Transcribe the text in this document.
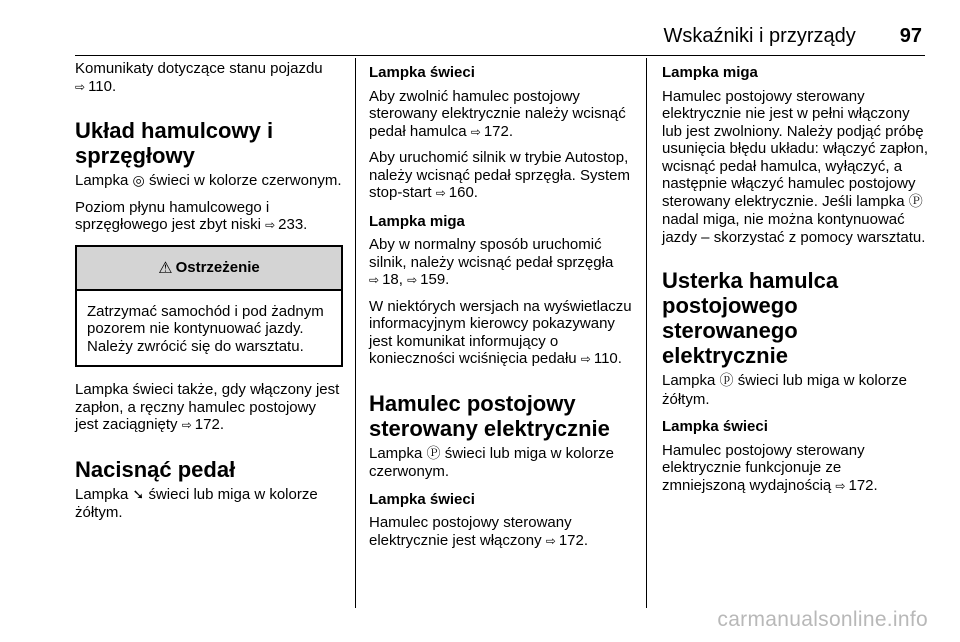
Wskaźniki i przyrządy 97

Komunikaty dotyczące stanu pojazdu ⇨ 110.

Układ hamulcowy i sprzęgłowy

Lampka ◎ świeci w kolorze czerwonym.

Poziom płynu hamulcowego i sprzęgłowego jest zbyt niski ⇨ 233.

⚠ Ostrzeżenie
Zatrzymać samochód i pod żadnym pozorem nie kontynuować jazdy. Należy zwrócić się do warsztatu.

Lampka świeci także, gdy włączony jest zapłon, a ręczny hamulec postojowy jest zaciągnięty ⇨ 172.

Nacisnąć pedał

Lampka ➘ świeci lub miga w kolorze żółtym.

Lampka świeci

Aby zwolnić hamulec postojowy sterowany elektrycznie należy wcisnąć pedał hamulca ⇨ 172.

Aby uruchomić silnik w trybie Autostop, należy wcisnąć pedał sprzęgła. System stop-start ⇨ 160.

Lampka miga

Aby w normalny sposób uruchomić silnik, należy wcisnąć pedał sprzęgła ⇨ 18, ⇨ 159.

W niektórych wersjach na wyświetlaczu informacyjnym kierowcy pokazywany jest komunikat informujący o konieczności wciśnięcia pedału ⇨ 110.

Hamulec postojowy sterowany elektrycznie

Lampka Ⓟ świeci lub miga w kolorze czerwonym.

Lampka świeci

Hamulec postojowy sterowany elektrycznie jest włączony ⇨ 172.

Lampka miga

Hamulec postojowy sterowany elektrycznie nie jest w pełni włączony lub jest zwolniony. Należy podjąć próbę usunięcia błędu układu: włączyć zapłon, wcisnąć pedał hamulca, wyłączyć, a następnie włączyć hamulec postojowy sterowany elektrycznie. Jeśli lampka Ⓟ nadal miga, nie można kontynuować jazdy – skorzystać z pomocy warsztatu.

Usterka hamulca postojowego sterowanego elektrycznie

Lampka ⓟ świeci lub miga w kolorze żółtym.

Lampka świeci

Hamulec postojowy sterowany elektrycznie funkcjonuje ze zmniejszoną wydajnością ⇨ 172.

carmanualsonline.info
